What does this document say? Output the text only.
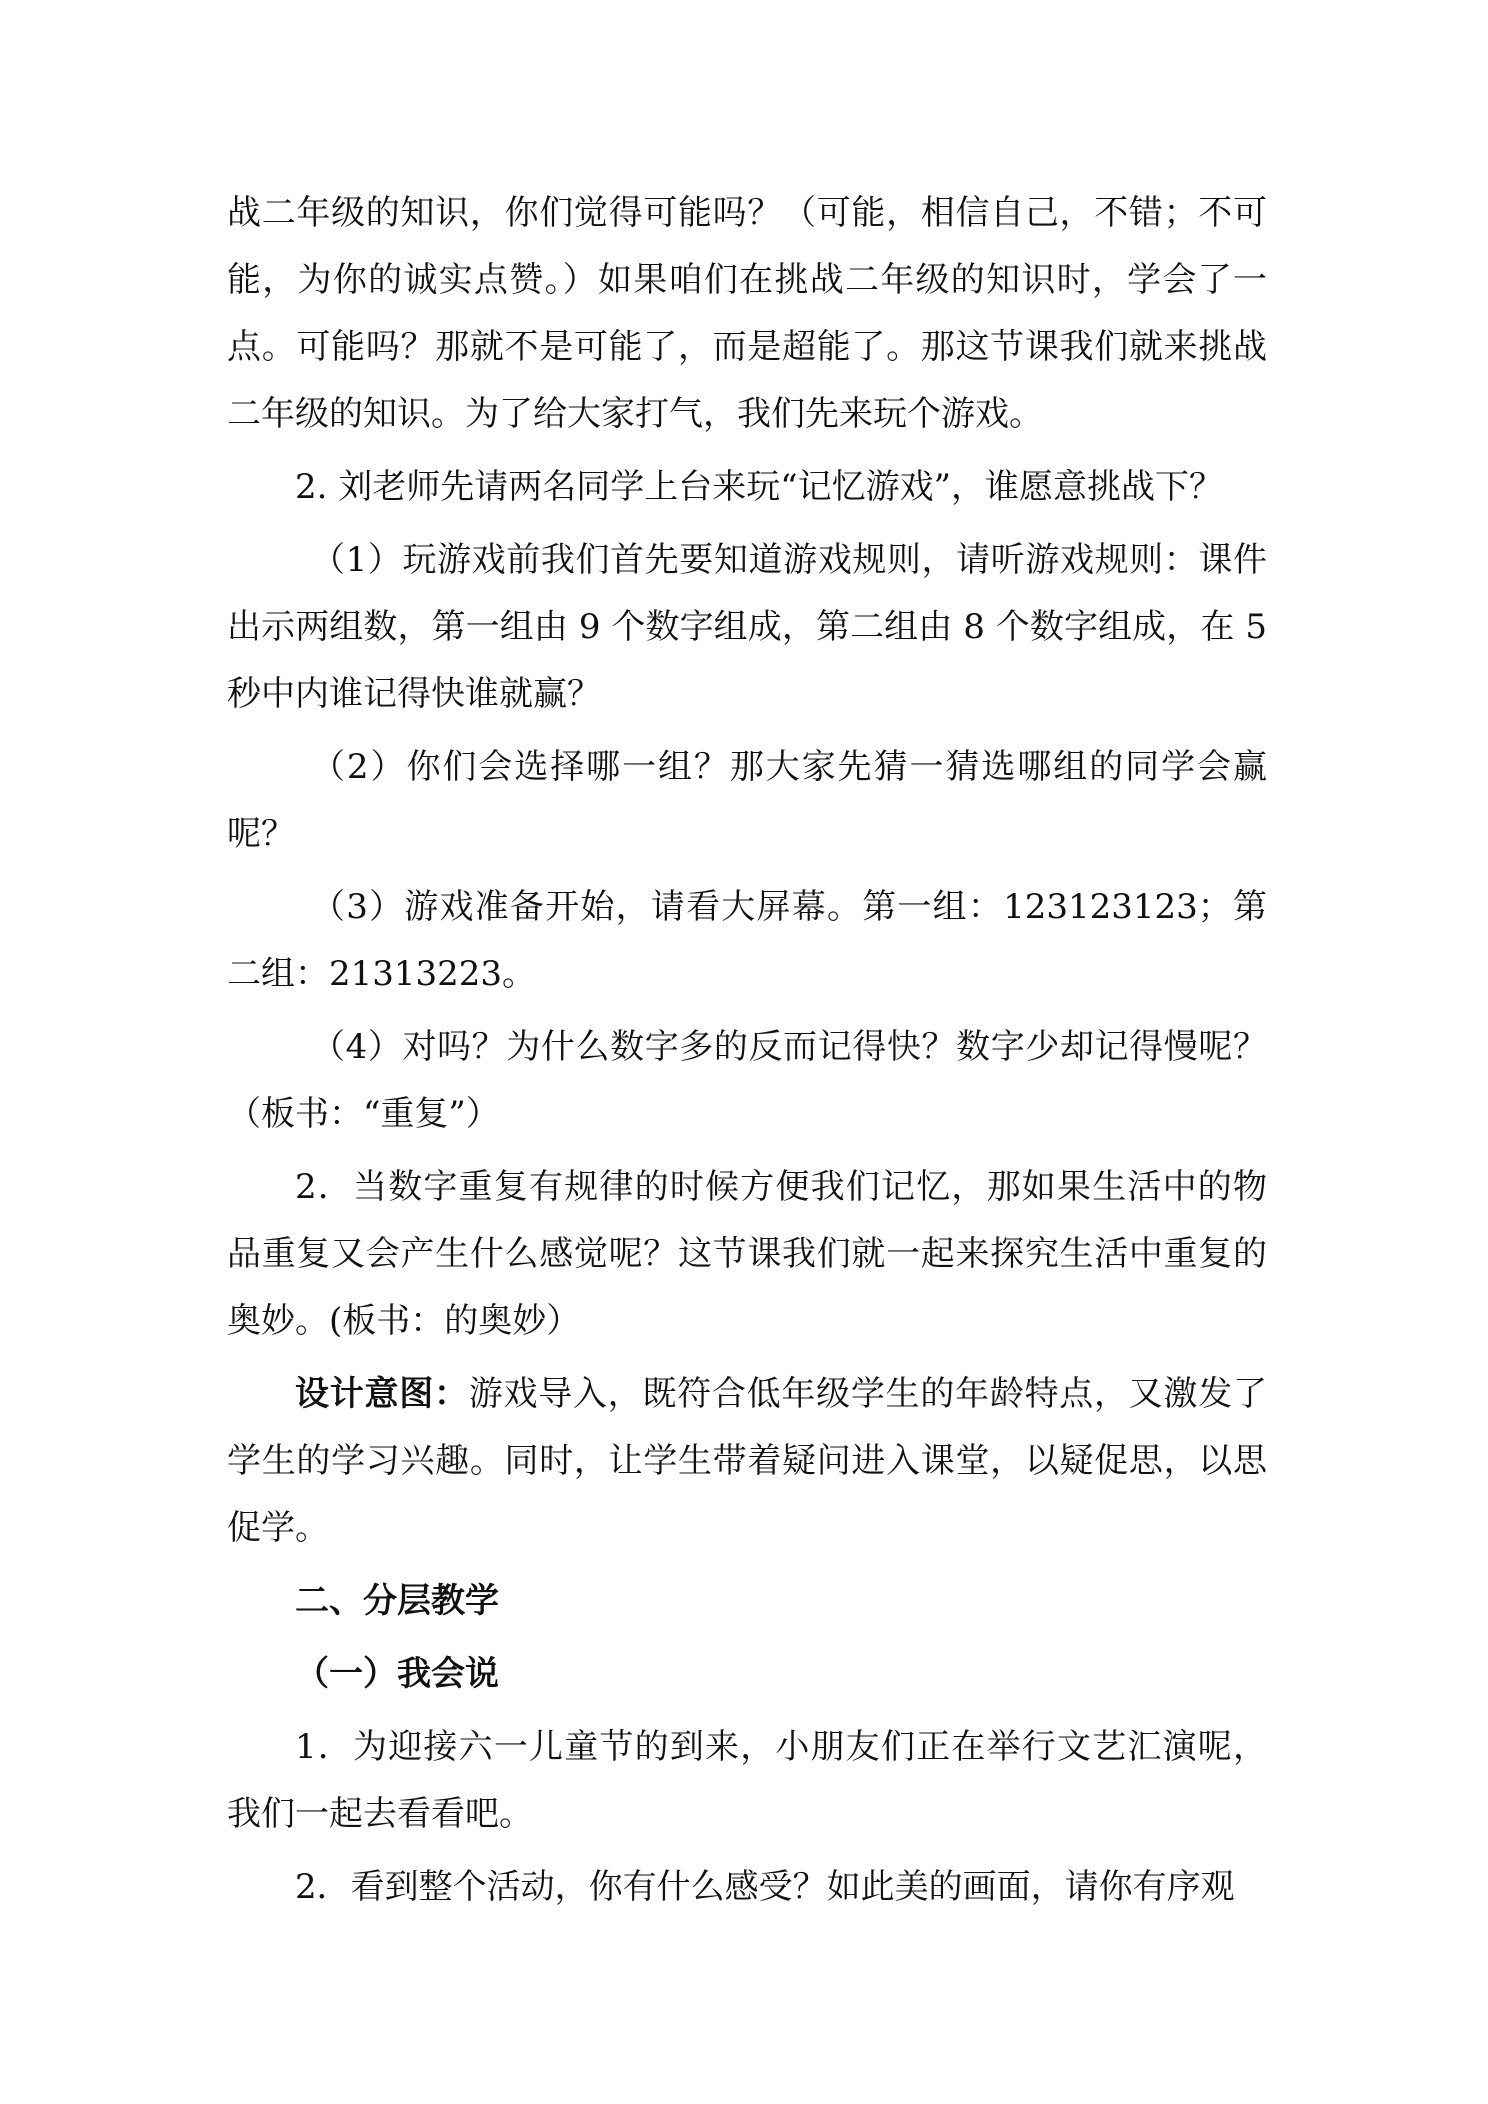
战二年级的知识，你们觉得可能吗？（可能，相信自己，不错；不可能，为你的诚实点赞。）如果咱们在挑战二年级的知识时，学会了一点。可能吗？那就不是可能了，而是超能了。那这节课我们就来挑战二年级的知识。为了给大家打气，我们先来玩个游戏。

2. 刘老师先请两名同学上台来玩“记忆游戏”，谁愿意挑战下？

（1）玩游戏前我们首先要知道游戏规则，请听游戏规则：课件出示两组数，第一组由 9 个数字组成，第二组由 8 个数字组成，在 5 秒中内谁记得快谁就赢？

（2）你们会选择哪一组？那大家先猜一猜选哪组的同学会赢呢？

（3）游戏准备开始，请看大屏幕。第一组：123123123；第二组：21313223。

（4）对吗？为什么数字多的反而记得快？数字少却记得慢呢？（板书：“重复”）

2．当数字重复有规律的时候方便我们记忆，那如果生活中的物品重复又会产生什么感觉呢？这节课我们就一起来探究生活中重复的奥妙。(板书：的奥妙）

设计意图：游戏导入，既符合低年级学生的年龄特点，又激发了学生的学习兴趣。同时，让学生带着疑问进入课堂，以疑促思，以思促学。

二、分层教学

（一）我会说

1．为迎接六一儿童节的到来，小朋友们正在举行文艺汇演呢，我们一起去看看吧。

2．看到整个活动，你有什么感受？如此美的画面，请你有序观
